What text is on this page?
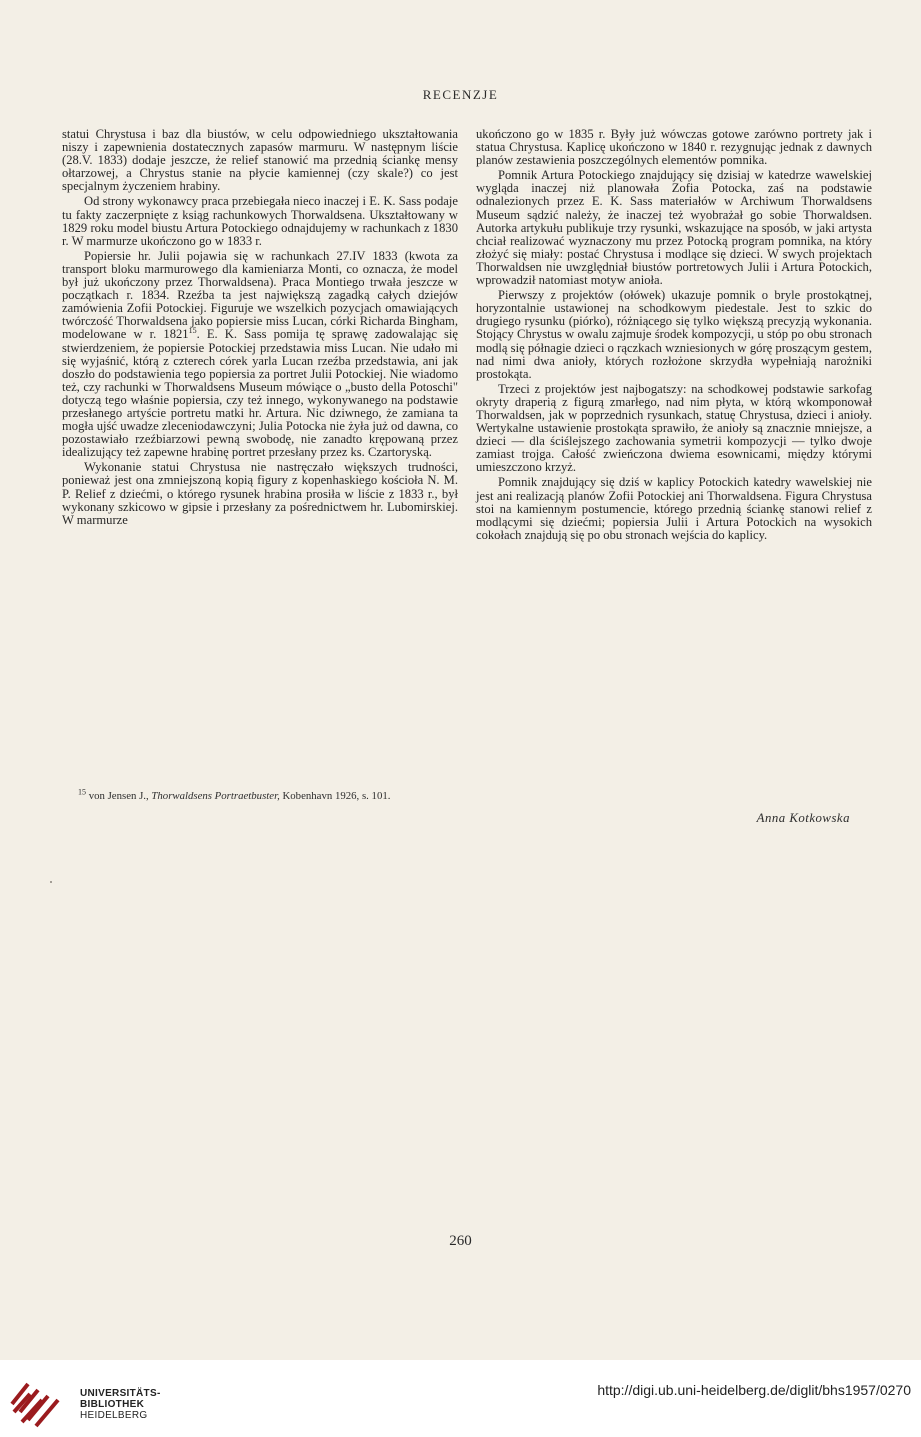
RECENZJE

statui Chrystusa i baz dla biustów, w celu odpowiedniego ukształtowania niszy i zapewnienia dostatecznych zapasów marmuru. W następnym liście (28.V. 1833) dodaje jeszcze, że relief stanowić ma przednią ściankę mensy ołtarzowej, a Chrystus stanie na płycie kamiennej (czy skale?) co jest specjalnym życzeniem hrabiny.

Od strony wykonawcy praca przebiegała nieco inaczej i E. K. Sass podaje tu fakty zaczerpnięte z ksiąg rachunkowych Thorwaldsena. Ukształtowany w 1829 roku model biustu Artura Potockiego odnajdujemy w rachunkach z 1830 r. W marmurze ukończono go w 1833 r.

Popiersie hr. Julii pojawia się w rachunkach 27.IV 1833 (kwota za transport bloku marmurowego dla kamieniarza Monti, co oznacza, że model był już ukończony przez Thorwaldsena). Praca Montiego trwała jeszcze w początkach r. 1834. Rzeźba ta jest największą zagadką całych dziejów zamówienia Zofii Potockiej. Figuruje we wszelkich pozycjach omawiających twórczość Thorwaldsena jako popiersie miss Lucan, córki Richarda Bingham, modelowane w r. 1821$^{15}$. E. K. Sass pomija tę sprawę zadowalając się stwierdzeniem, że popiersie Potockiej przedstawia miss Lucan. Nie udało mi się wyjaśnić, którą z czterech córek yarla Lucan rzeźba przedstawia, ani jak doszło do podstawienia tego popiersia za portret Julii Potockiej. Nie wiadomo też, czy rachunki w Thorwaldsens Museum mówiące o „busto della Potoschi" dotyczą tego właśnie popiersia, czy też innego, wykonywanego na podstawie przesłanego artyście portretu matki hr. Artura. Nic dziwnego, że zamiana ta mogła ujść uwadze zleceniodawczyni; Julia Potocka nie żyła już od dawna, co pozostawiało rzeźbiarzowi pewną swobodę, nie zanadto krępowaną przez idealizujący też zapewne hrabinę portret przesłany przez ks. Czartoryską.

Wykonanie statui Chrystusa nie nastręczało większych trudności, ponieważ jest ona zmniejszoną kopią figury z kopenhaskiego kościoła N. M. P. Relief z dziećmi, o którego rysunek hrabina prosiła w liście z 1833 r., był wykonany szkicowo w gipsie i przesłany za pośrednictwem hr. Lubomirskiej. W marmurze

$^{15}$ von Jensen J., Thorwaldsens Portraetbuster, Kobenhavn 1926, s. 101.

ukończono go w 1835 r. Były już wówczas gotowe zarówno portrety jak i statua Chrystusa. Kaplicę ukończono w 1840 r. rezygnując jednak z dawnych planów zestawienia poszczególnych elementów pomnika.

Pomnik Artura Potockiego znajdujący się dzisiaj w katedrze wawelskiej wygląda inaczej niż planowała Zofia Potocka, zaś na podstawie odnalezionych przez E. K. Sass materiałów w Archiwum Thorwaldsens Museum sądzić należy, że inaczej też wyobrażał go sobie Thorwaldsen. Autorka artykułu publikuje trzy rysunki, wskazujące na sposób, w jaki artysta chciał realizować wyznaczony mu przez Potocką program pomnika, na który złożyć się miały: postać Chrystusa i modlące się dzieci. W swych projektach Thorwaldsen nie uwzględniał biustów portretowych Julii i Artura Potockich, wprowadził natomiast motyw anioła.

Pierwszy z projektów (ołówek) ukazuje pomnik o bryle prostokątnej, horyzontalnie ustawionej na schodkowym piedestale. Jest to szkic do drugiego rysunku (piórko), różniącego się tylko większą precyzją wykonania. Stojący Chrystus w owalu zajmuje środek kompozycji, u stóp po obu stronach modlą się półnagie dzieci o rączkach wzniesionych w górę proszącym gestem, nad nimi dwa anioły, których rozłożone skrzydła wypełniają narożniki prostokąta.

Trzeci z projektów jest najbogatszy: na schodkowej podstawie sarkofag okryty draperią z figurą zmarłego, nad nim płyta, w którą wkomponował Thorwaldsen, jak w poprzednich rysunkach, statuę Chrystusa, dzieci i anioły. Wertykalne ustawienie prostokąta sprawiło, że anioły są znacznie mniejsze, a dzieci — dla ściślejszego zachowania symetrii kompozycji — tylko dwoje zamiast trojga. Całość zwieńczona dwiema esownicami, między którymi umieszczono krzyż.

Pomnik znajdujący się dziś w kaplicy Potockich katedry wawelskiej nie jest ani realizacją planów Zofii Potockiej ani Thorwaldsena. Figura Chrystusa stoi na kamiennym postumencie, którego przednią ściankę stanowi relief z modlącymi się dziećmi; popiersia Julii i Artura Potockich na wysokich cokołach znajdują się po obu stronach wejścia do kaplicy.

Anna Kotkowska
260
UNIVERSITÄTS-
BIBLIOTHEK
HEIDELBERG
http://digi.ub.uni-heidelberg.de/diglit/bhs1957/0270
